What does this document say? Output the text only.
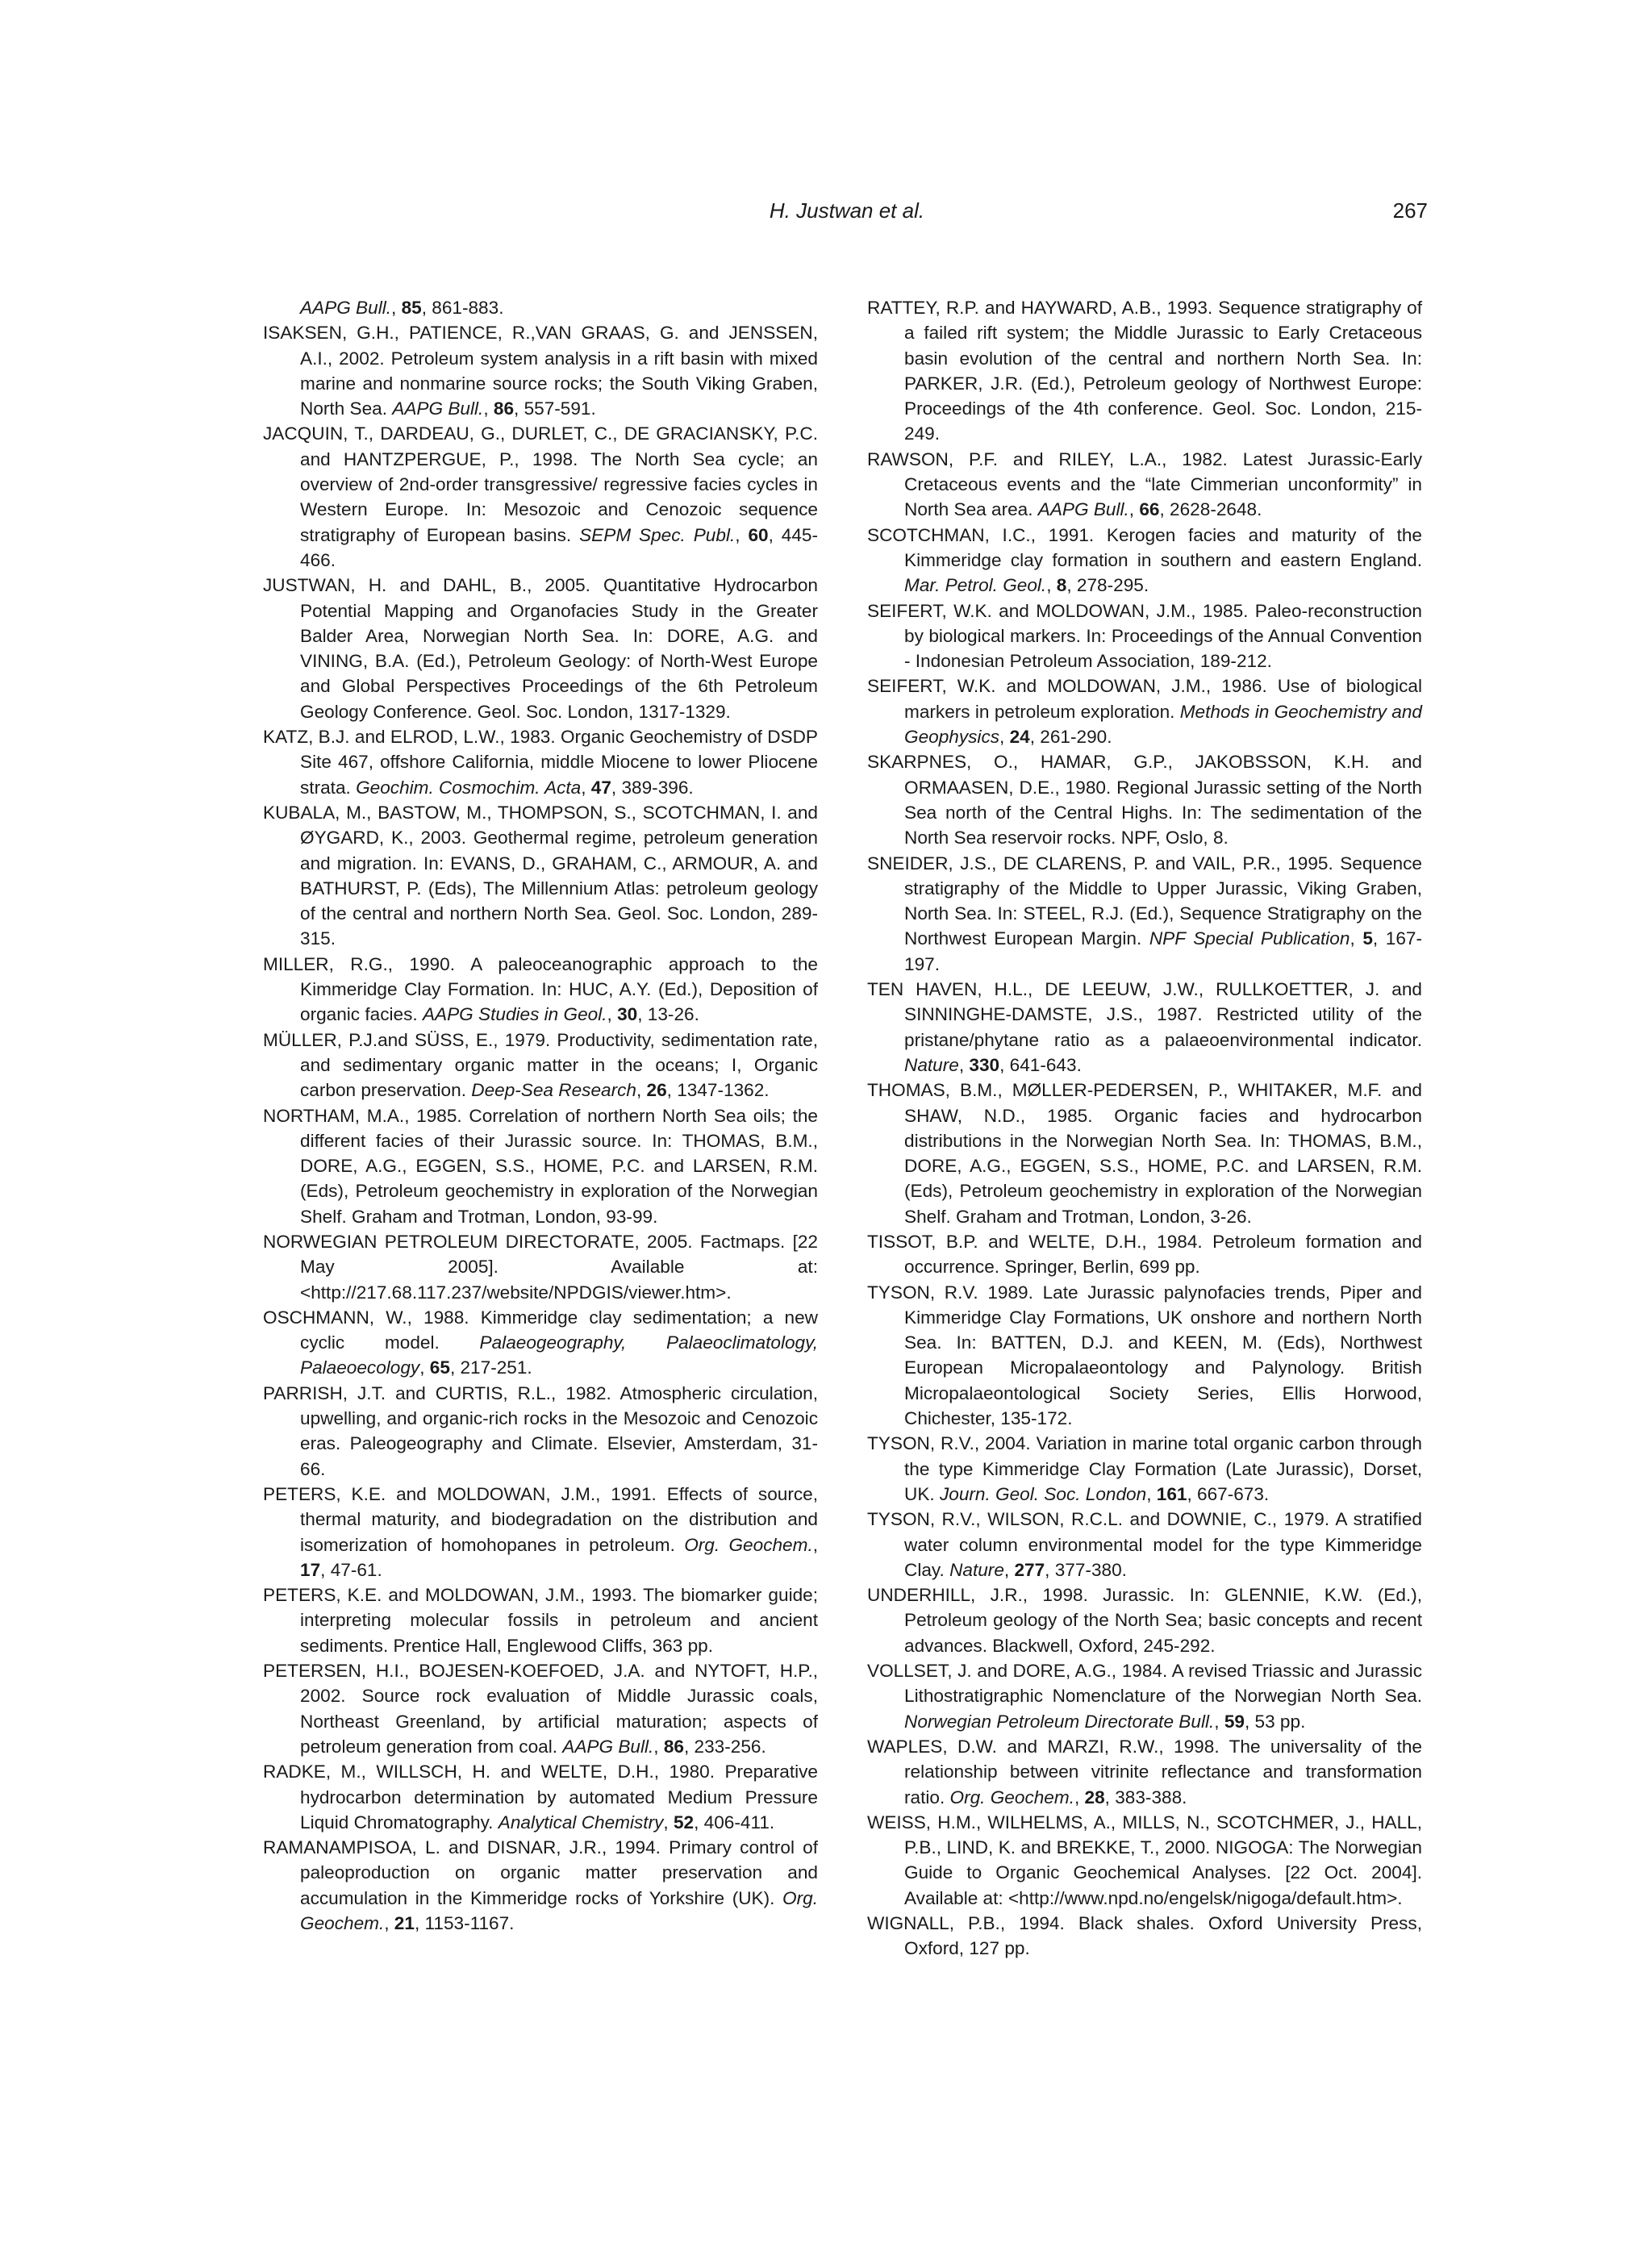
H. Justwan et al.	267

AAPG Bull., 85, 861-883.

ISAKSEN, G.H., PATIENCE, R.,VAN GRAAS, G. and JENSSEN, A.I., 2002. Petroleum system analysis in a rift basin with mixed marine and nonmarine source rocks; the South Viking Graben, North Sea. AAPG Bull., 86, 557-591.

JACQUIN, T., DARDEAU, G., DURLET, C., DE GRACIANSKY, P.C. and HANTZPERGUE, P., 1998. The North Sea cycle; an overview of 2nd-order transgressive/ regressive facies cycles in Western Europe. In: Mesozoic and Cenozoic sequence stratigraphy of European basins. SEPM Spec. Publ., 60, 445-466.

JUSTWAN, H. and DAHL, B., 2005. Quantitative Hydrocarbon Potential Mapping and Organofacies Study in the Greater Balder Area, Norwegian North Sea. In: DORE, A.G. and VINING, B.A. (Ed.), Petroleum Geology: of North-West Europe and Global Perspectives Proceedings of the 6th Petroleum Geology Conference. Geol. Soc. London, 1317-1329.

KATZ, B.J. and ELROD, L.W., 1983. Organic Geochemistry of DSDP Site 467, offshore California, middle Miocene to lower Pliocene strata. Geochim. Cosmochim. Acta, 47, 389-396.

KUBALA, M., BASTOW, M., THOMPSON, S., SCOTCHMAN, I. and ØYGARD, K., 2003. Geothermal regime, petroleum generation and migration. In: EVANS, D., GRAHAM, C., ARMOUR, A. and BATHURST, P. (Eds), The Millennium Atlas: petroleum geology of the central and northern North Sea. Geol. Soc. London, 289-315.

MILLER, R.G., 1990. A paleoceanographic approach to the Kimmeridge Clay Formation. In: HUC, A.Y. (Ed.), Deposition of organic facies. AAPG Studies in Geol., 30, 13-26.

MÜLLER, P.J.and SÜSS, E., 1979. Productivity, sedimentation rate, and sedimentary organic matter in the oceans; I, Organic carbon preservation. Deep-Sea Research, 26, 1347-1362.

NORTHAM, M.A., 1985. Correlation of northern North Sea oils; the different facies of their Jurassic source. In: THOMAS, B.M., DORE, A.G., EGGEN, S.S., HOME, P.C. and LARSEN, R.M. (Eds), Petroleum geochemistry in exploration of the Norwegian Shelf. Graham and Trotman, London, 93-99.

NORWEGIAN PETROLEUM DIRECTORATE, 2005. Factmaps. [22 May 2005]. Available at: <http://217.68.117.237/website/NPDGIS/viewer.htm>.

OSCHMANN, W., 1988. Kimmeridge clay sedimentation; a new cyclic model. Palaeogeography, Palaeoclimatology, Palaeoecology, 65, 217-251.

PARRISH, J.T. and CURTIS, R.L., 1982. Atmospheric circulation, upwelling, and organic-rich rocks in the Mesozoic and Cenozoic eras. Paleogeography and Climate. Elsevier, Amsterdam, 31-66.

PETERS, K.E. and MOLDOWAN, J.M., 1991. Effects of source, thermal maturity, and biodegradation on the distribution and isomerization of homohopanes in petroleum. Org. Geochem., 17, 47-61.

PETERS, K.E. and MOLDOWAN, J.M., 1993. The biomarker guide; interpreting molecular fossils in petroleum and ancient sediments. Prentice Hall, Englewood Cliffs, 363 pp.

PETERSEN, H.I., BOJESEN-KOEFOED, J.A. and NYTOFT, H.P., 2002. Source rock evaluation of Middle Jurassic coals, Northeast Greenland, by artificial maturation; aspects of petroleum generation from coal. AAPG Bull., 86, 233-256.

RADKE, M., WILLSCH, H. and WELTE, D.H., 1980. Preparative hydrocarbon determination by automated Medium Pressure Liquid Chromatography. Analytical Chemistry, 52, 406-411.

RAMANAMPISOA, L. and DISNAR, J.R., 1994. Primary control of paleoproduction on organic matter preservation and accumulation in the Kimmeridge rocks of Yorkshire (UK). Org. Geochem., 21, 1153-1167.

RATTEY, R.P. and HAYWARD, A.B., 1993. Sequence stratigraphy of a failed rift system; the Middle Jurassic to Early Cretaceous basin evolution of the central and northern North Sea. In: PARKER, J.R. (Ed.), Petroleum geology of Northwest Europe: Proceedings of the 4th conference. Geol. Soc. London, 215-249.

RAWSON, P.F. and RILEY, L.A., 1982. Latest Jurassic-Early Cretaceous events and the “late Cimmerian unconformity” in North Sea area. AAPG Bull., 66, 2628-2648.

SCOTCHMAN, I.C., 1991. Kerogen facies and maturity of the Kimmeridge clay formation in southern and eastern England. Mar. Petrol. Geol., 8, 278-295.

SEIFERT, W.K. and MOLDOWAN, J.M., 1985. Paleo-reconstruction by biological markers. In: Proceedings of the Annual Convention - Indonesian Petroleum Association, 189-212.

SEIFERT, W.K. and MOLDOWAN, J.M., 1986. Use of biological markers in petroleum exploration. Methods in Geochemistry and Geophysics, 24, 261-290.

SKARPNES, O., HAMAR, G.P., JAKOBSSON, K.H. and ORMAASEN, D.E., 1980. Regional Jurassic setting of the North Sea north of the Central Highs. In: The sedimentation of the North Sea reservoir rocks. NPF, Oslo, 8.

SNEIDER, J.S., DE CLARENS, P. and VAIL, P.R., 1995. Sequence stratigraphy of the Middle to Upper Jurassic, Viking Graben, North Sea. In: STEEL, R.J. (Ed.), Sequence Stratigraphy on the Northwest European Margin. NPF Special Publication, 5, 167-197.

TEN HAVEN, H.L., DE LEEUW, J.W., RULLKOETTER, J. and SINNINGHE-DAMSTE, J.S., 1987. Restricted utility of the pristane/phytane ratio as a palaeoenvironmental indicator. Nature, 330, 641-643.

THOMAS, B.M., MØLLER-PEDERSEN, P., WHITAKER, M.F. and SHAW, N.D., 1985. Organic facies and hydrocarbon distributions in the Norwegian North Sea. In: THOMAS, B.M., DORE, A.G., EGGEN, S.S., HOME, P.C. and LARSEN, R.M. (Eds), Petroleum geochemistry in exploration of the Norwegian Shelf. Graham and Trotman, London, 3-26.

TISSOT, B.P. and WELTE, D.H., 1984. Petroleum formation and occurrence. Springer, Berlin, 699 pp.

TYSON, R.V. 1989. Late Jurassic palynofacies trends, Piper and Kimmeridge Clay Formations, UK onshore and northern North Sea. In: BATTEN, D.J. and KEEN, M. (Eds), Northwest European Micropalaeontology and Palynology. British Micropalaeontological Society Series, Ellis Horwood, Chichester, 135-172.

TYSON, R.V., 2004. Variation in marine total organic carbon through the type Kimmeridge Clay Formation (Late Jurassic), Dorset, UK. Journ. Geol. Soc. London, 161, 667-673.

TYSON, R.V., WILSON, R.C.L. and DOWNIE, C., 1979. A stratified water column environmental model for the type Kimmeridge Clay. Nature, 277, 377-380.

UNDERHILL, J.R., 1998. Jurassic. In: GLENNIE, K.W. (Ed.), Petroleum geology of the North Sea; basic concepts and recent advances. Blackwell, Oxford, 245-292.

VOLLSET, J. and DORE, A.G., 1984. A revised Triassic and Jurassic Lithostratigraphic Nomenclature of the Norwegian North Sea. Norwegian Petroleum Directorate Bull., 59, 53 pp.

WAPLES, D.W. and MARZI, R.W., 1998. The universality of the relationship between vitrinite reflectance and transformation ratio. Org. Geochem., 28, 383-388.

WEISS, H.M., WILHELMS, A., MILLS, N., SCOTCHMER, J., HALL, P.B., LIND, K. and BREKKE, T., 2000. NIGOGA: The Norwegian Guide to Organic Geochemical Analyses. [22 Oct. 2004]. Available at: <http://www.npd.no/engelsk/nigoga/default.htm>.

WIGNALL, P.B., 1994. Black shales. Oxford University Press, Oxford, 127 pp.
